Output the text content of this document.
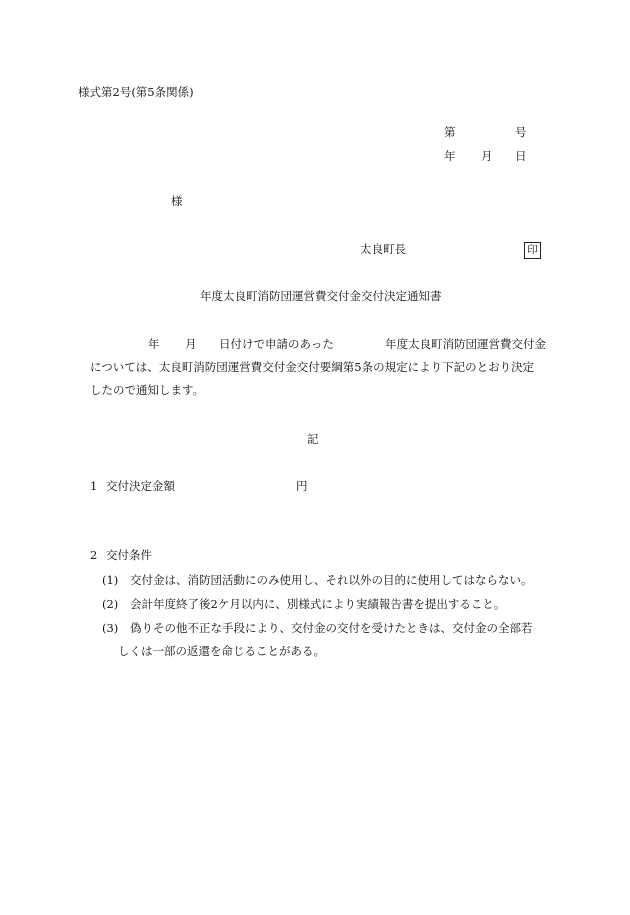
様式第2号(第5条関係)
第	号
年 月 日
様
太良町長	印
年度太良町消防団運営費交付金交付決定通知書
年 月 日付けで申請のあった	年度太良町消防団運営費交付金
については、太良町消防団運営費交付金交付要綱第5条の規定により下記のとおり決定
したので通知します。
記
1 交付決定金額	円
2 交付条件
(1) 交付金は、消防団活動にのみ使用し、それ以外の目的に使用してはならない。
(2) 会計年度終了後2ケ月以内に、別様式により実績報告書を提出すること。
(3) 偽りその他不正な手段により、交付金の交付を受けたときは、交付金の全部若
しくは一部の返還を命じることがある。
